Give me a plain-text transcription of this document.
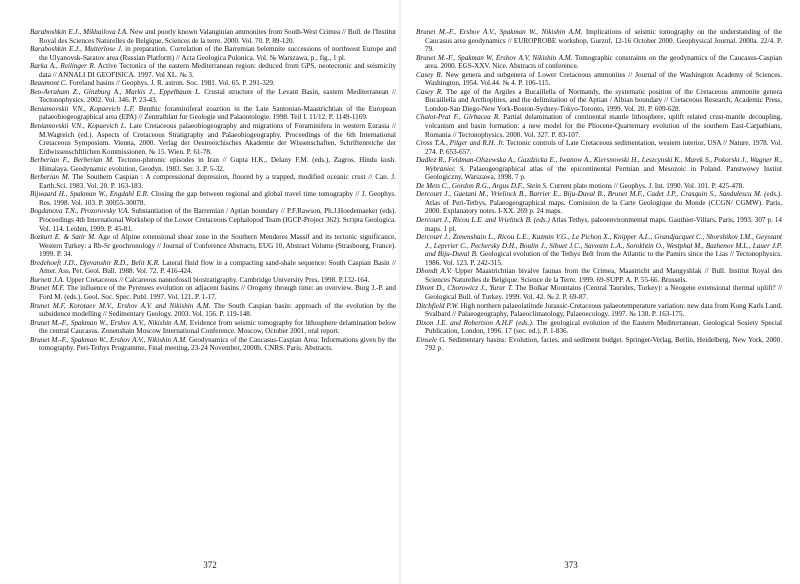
Baraboshkin E.J., Mikhailova I.A. New and poorly known Valanginian ammonites from South-West Crimea // Bull. de l'Institut Royal des Sciences Naturelles de Belgique, Sciences de la terre. 2000. Vol. 70. P. 89-120.

Baraboshkin E.J., Mutterlose J. in preparation. Correlation of the Barremian belemnite successions of northwest Europe and the Ulyanovsk-Saratov area (Russian Platform) // Acta Geologica Polonica. Vol. № Warszawa, p., fig., 1 pl.

Barka A., Reilinger R. Active Tectonics of the eastern Mediterranean region: deduced from GPS, neotectonic and seismicity data // ANNALI DI GEOFISICA. 1997. Vol XL. № 3.

Beaumont C. Foreland basins // Geophys. J. R. astron. Soc. 1981. Vol. 65. P. 291-329.

Ben-Avraham Z., Ginzburg A., Markis J., Eppelbaum L. Crustal structure of the Levant Basin, eastern Mediterranean // Tectonophysics. 2002. Vol. 346. P. 23-43.

Beniamovskii V.N., Kopaevich L.F. Benthic foraminiferal zoaztion in the Late Santonian-Maastrichtian of the European palaeobiogeographical area (EPA) // Zentralblatt fur Geologie und Palaontologie. 1998. Teil I. 11/12. P. 1149-1169.

Beniamovskii V.N., Kopaevich L. Late Cretaceous palaeobiogeography and migrations of Foraminifera in western Eurasia // M.Wagreich (ed.). Aspects of Cretaceous Stratigraphy and Palaeobiogeography. Proceedings of the 6th International Cretaceous Symposium. Vienna, 2000. Verlag der Oestreeichisches Akademie der Wissenschaften, Schriftenreiche der Erdwissenschftlichen Kommissionen. № 15. Wien. P. 61-78.

Berberian F., Berberian M. Tectono-plutonic episodes in Iran // Gupta H.K., Delany F.M. (eds.), Zagros. Hindu kush. Himalaya. Geodynamic evolution, Geodyn. 1983. Ser. 3. P. 5-32.

Berberian M. The Southern Caspian : A compressional depression, floored by a trapped, modified oceanic crust // Can. J. Earth.Sci. 1983. Vol. 20. P. 163-183.

Bijwaard H., Spakman W., Engdahl E.R. Closing the gap between regional and global travel time tomography // J. Geophys. Res. 1998. Vol. 103. P. 30055-30078.

Bogdanova T.N., Prozorovsky V.A. Substantiation of the Barremian / Aptian boundary // P.F.Rawson, Ph.J.Hoedemaeker (eds). Proceedings 4th International Workshop of the Lower Cretaceous Cephalopod Team (IGCP-Project 362). Scripta Geologica. Vol. 114. Leiden, 1999. P. 45-81.

Bozkurt E. & Satir M. Age of Alpine extensional shear zone in the Southern Menderes Massif and its tectonic significance, Western Turkey: a Rb-Sr geochronology // Journal of Conference Abstracts, EUG 10, Abstract Volume (Strasbourg, France). 1999. P. 34.

Bredehoeft J.D., Djevanshir R.D., Belit K.R. Lateral fluid flow in a compacting sand-shale sequence: South Caspian Basin // Amer. Ass. Pet. Geol. Bull. 1988. Vol. 72. P. 416-424.

Burnett J.A. Upper Cretaceous // Calcareous nannofossil biostratigraphy. Cambridge University Pres, 1998. P.132-164.

Brunet M.F. The influence of the Pyrenees evolution on adjacent basins // Orogeny through time: an overview. Burg J.-P. and Ford M. (eds.). Geol. Soc. Spec. Publ. 1997. Vol. 121. P. 1-17.

Brunet M.F, Korotaev M.V., Ershov A.V. and Nikishin A.M. The South Caspian basin: approach of the evolution by the subsidence modelling // Sedimentary Geology. 2003. Vol. 156. P. 119-148.

Brunet M.-F., Spakman W., Ershov A.V., Nikishin A.M. Evidence from seismic tomography for lithosphere delamination below the central Caucasus. Zonenshain Moscow International Conference. Moscow, October 2001, oral report.

Brunet M.-F., Spakman W., Ershov A.V., Nikishin A.M. Geodynamics of the Caucasus-Caspian Area: Informations given by the tomography. Peri-Tethys Programme, Final meeting, 23-24 November, 2000b. CNRS. Paris. Abstracts.

Brunet M.-F., Ershov A.V., Spakman W., Nikishin A.M. Implications of seismic tomography on the understanding of the Caucasus area geodynamics // EUROPROBE workshop, Gurzuf, 12-16 October 2000. Geophysical Journal. 2000a. 22/4. P. 79.

Brunet M.-F., Spakman W, Ershov A.V, Nikishin A.M. Tomographic constraints on the geodynamics of the Caucasus-Caspian area. 2000. EGS-XXV. Nice. Abstracts of conference.

Casey R. New genera and subgenera of Lower Cretaceous ammonites // Journal of the Washington Academy of Sciences. Washington, 1954. Vol.44. № 4. P. 106-115.

Casey R. The age of the Argiles a Bucaillella of Normandy, the systematic position of the Cretaceous ammonite genera Bucaillella and Arcthoplites, and the delimitation of the Aptian / Albian boundary // Cretaceous Research, Academic Press, London-San Diego-New York-Boston-Sydney-Tokyo-Toronto, 1999. Vol. 20. P. 609-628.

Chalot-Prat F., Girbacea R. Partial delamination of continental mantle lithosphere, uplift related crust-mantle decoupling, volcanism and basin formation: a new model for the Pliocene-Quarternary evolution of the southern East-Carpathians, Romania // Tectonophysics. 2000. Vol. 327. P. 83-107.

Cross T.A., Pilger and R.H. Jr. Tectonic controls of Late Cretaceous sedimentation, western interior, USA // Nature. 1978. Vol. 274. P. 653-657.

Dadlez R., Feldman-Olszewska A., Gazdzicka E., Iwanow A., Kiersnowski H., Leszcynski K., Marek S., Pokorski J., Wagner R., Wybraniec S. Palaeogeographical atlas of the epicontinental Permian and Mesozoic in Poland. Panstwowy Instiut Geologiczny, Warszawa, 1998. 7 p.

De Mets C., Gordon R.G., Argus D.F., Stein S. Current plate motions // Geophys. J. Int. 1990. Vol. 101. P. 425-478.

Dercourt J., Gaetani M., Vrielinck B., Barrier E., Biju-Duval B., Brunet M.F., Cadet J.P., Crasquin S., Sandulescu M. (eds.). Atlas of Peri-Tethys, Palaeogeographical maps. Comission de la Carte Geologique du Monde (CCGN/ CGMW). Paris, 2000. Explanatory notes. I-XX. 269 p. 24 maps.

Dercourt J., Ricou L.E. and Vrielinck B. (eds.) Atlas Tethys, paleoenvironmental maps. Gauthier-Villars, Paris, 1993. 307 p. 14 maps. 1 pl.

Dercourt J., Zonenshain L., Ricou L.E., Kazmin V.G., Le Pichon X., Knipper A.L., Grandjacquet C., Sborshikov I.M., Geyssant J., Lepvrier C., Pechersky D.H., Boulin J., Sibuet J.C., Savostin L.A., Sorokhtin O., Westphal M., Bazhenov M.L., Lauer J.P. and Biju-Duval B. Geological evolution of the Tethys Belt from the Atlantic to the Pamirs since the Lias // Tectonophysics. 1986. Vol. 123. P. 242-315.

Dhondt A.V. Upper Maastrichtian bivalve faunas from the Crimea, Maastricht and Mangyshlak // Bull. Institut Royal des Sciences Naturelles de Belgique. Science de la Terre. 1999. 69-SUPP. A. P. 55-66. Brussels.

Dhont D., Chorowicz J., Yurur T. The Bolkar Mountains (Central Taurides, Turkey): a Neogene extensional thermal uplift? // Geological Bull. of Turkey. 1999. Vol. 42. № 2. P. 69-87.

Ditchfield P.W. High northern palaeolatitude Jurassic-Cretaceous palaeotemperature variation: new data from Kong Karls Land, Svalbard // Palaeogeography, Palaeoclimatology, Palaeoecology. 1997. № 130. P. 163-175.

Dixon J.E. and Robertson A.H.F (eds.). The geological evolution of the Eastern Mediterranean. Geological Sosiety Special Publication, London, 1996. 17 (sec. ed.). P. 1-836.

Einsele G. Sedimentary basins: Evolution, facies, and sediment budget. Springer-Verlag, Berlin, Heidelberg, New York, 2000. 792 p.

372	373
